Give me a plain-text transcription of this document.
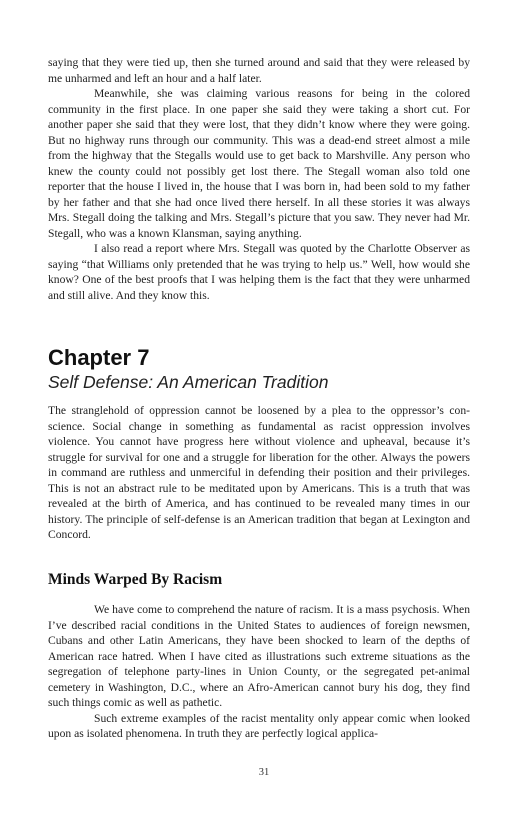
saying that they were tied up, then she turned around and said that they were released by me unharmed and left an hour and a half later.

Meanwhile, she was claiming various reasons for being in the colored community in the first place. In one paper she said they were taking a short cut. For another paper she said that they were lost, that they didn’t know where they were going. But no highway runs through our community. This was a dead-end street almost a mile from the highway that the Stegalls would use to get back to Marshville. Any person who knew the county could not possibly get lost there. The Stegall woman also told one reporter that the house I lived in, the house that I was born in, had been sold to my father by her father and that she had once lived there herself. In all these stories it was always Mrs. Stegall doing the talking and Mrs. Stegall’s picture that you saw. They never had Mr. Stegall, who was a known Klansman, saying anything.

I also read a report where Mrs. Stegall was quoted by the Charlotte Observer as saying “that Williams only pretended that he was trying to help us.” Well, how would she know? One of the best proofs that I was helping them is the fact that they were unharmed and still alive. And they know this.

Chapter 7
Self Defense: An American Tradition

The stranglehold of oppression cannot be loosened by a plea to the oppressor’s conscience. Social change in something as fundamental as racist oppression involves violence. You cannot have progress here without violence and upheaval, because it’s struggle for survival for one and a struggle for liberation for the other. Always the powers in command are ruthless and unmerciful in defending their position and their privileges. This is not an abstract rule to be meditated upon by Americans. This is a truth that was revealed at the birth of America, and has continued to be revealed many times in our history. The principle of self-defense is an American tradition that began at Lexington and Concord.

Minds Warped By Racism

We have come to comprehend the nature of racism. It is a mass psychosis. When I’ve described racial conditions in the United States to audiences of foreign newsmen, Cubans and other Latin Americans, they have been shocked to learn of the depths of American race hatred. When I have cited as illustrations such extreme situations as the segregation of telephone party-lines in Union County, or the segregated pet-animal cemetery in Washington, D.C., where an Afro-American cannot bury his dog, they find such things comic as well as pathetic.

Such extreme examples of the racist mentality only appear comic when looked upon as isolated phenomena. In truth they are perfectly logical applica-

31
